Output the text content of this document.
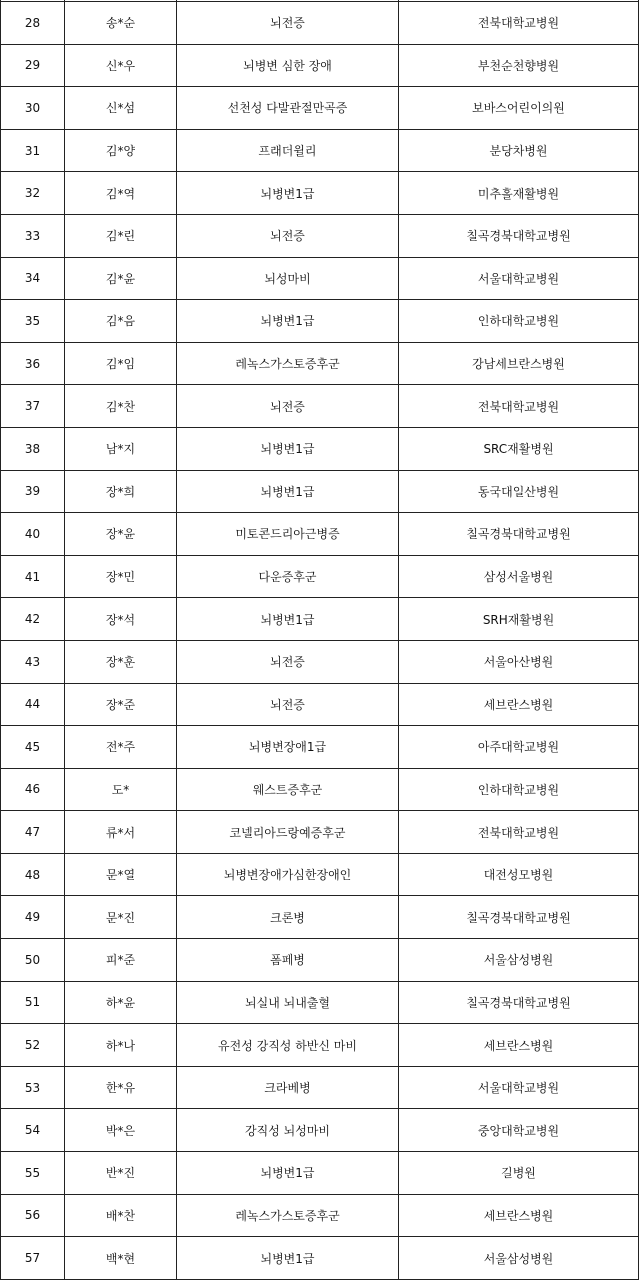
28	송*순	뇌전증	전북대학교병원
29	신*우	뇌병변 심한 장애	부천순천향병원
30	신*섬	선천성 다발관절만곡증	보바스어린이의원
31	김*양	프래더윌리	분당차병원
32	김*역	뇌병변1급	미추홀재활병원
33	김*린	뇌전증	칠곡경북대학교병원
34	김*윤	뇌성마비	서울대학교병원
35	김*음	뇌병변1급	인하대학교병원
36	김*임	레녹스가스토증후군	강남세브란스병원
37	김*찬	뇌전증	전북대학교병원
38	남*지	뇌병변1급	SRC재활병원
39	장*희	뇌병변1급	동국대일산병원
40	장*윤	미토콘드리아근병증	칠곡경북대학교병원
41	장*민	다운증후군	삼성서울병원
42	장*석	뇌병변1급	SRH재활병원
43	장*훈	뇌전증	서울아산병원
44	장*준	뇌전증	세브란스병원
45	전*주	뇌병변장애1급	아주대학교병원
46	도*	웨스트증후군	인하대학교병원
47	류*서	코넬리아드랑예증후군	전북대학교병원
48	문*열	뇌병변장애가심한장애인	대전성모병원
49	문*진	크론병	칠곡경북대학교병원
50	피*준	폼페병	서울삼성병원
51	하*윤	뇌실내 뇌내출혈	칠곡경북대학교병원
52	하*나	유전성 강직성 하반신 마비	세브란스병원
53	한*유	크라베병	서울대학교병원
54	박*은	강직성 뇌성마비	중앙대학교병원
55	반*진	뇌병변1급	길병원
56	배*찬	레녹스가스토증후군	세브란스병원
57	백*현	뇌병변1급	서울삼성병원
